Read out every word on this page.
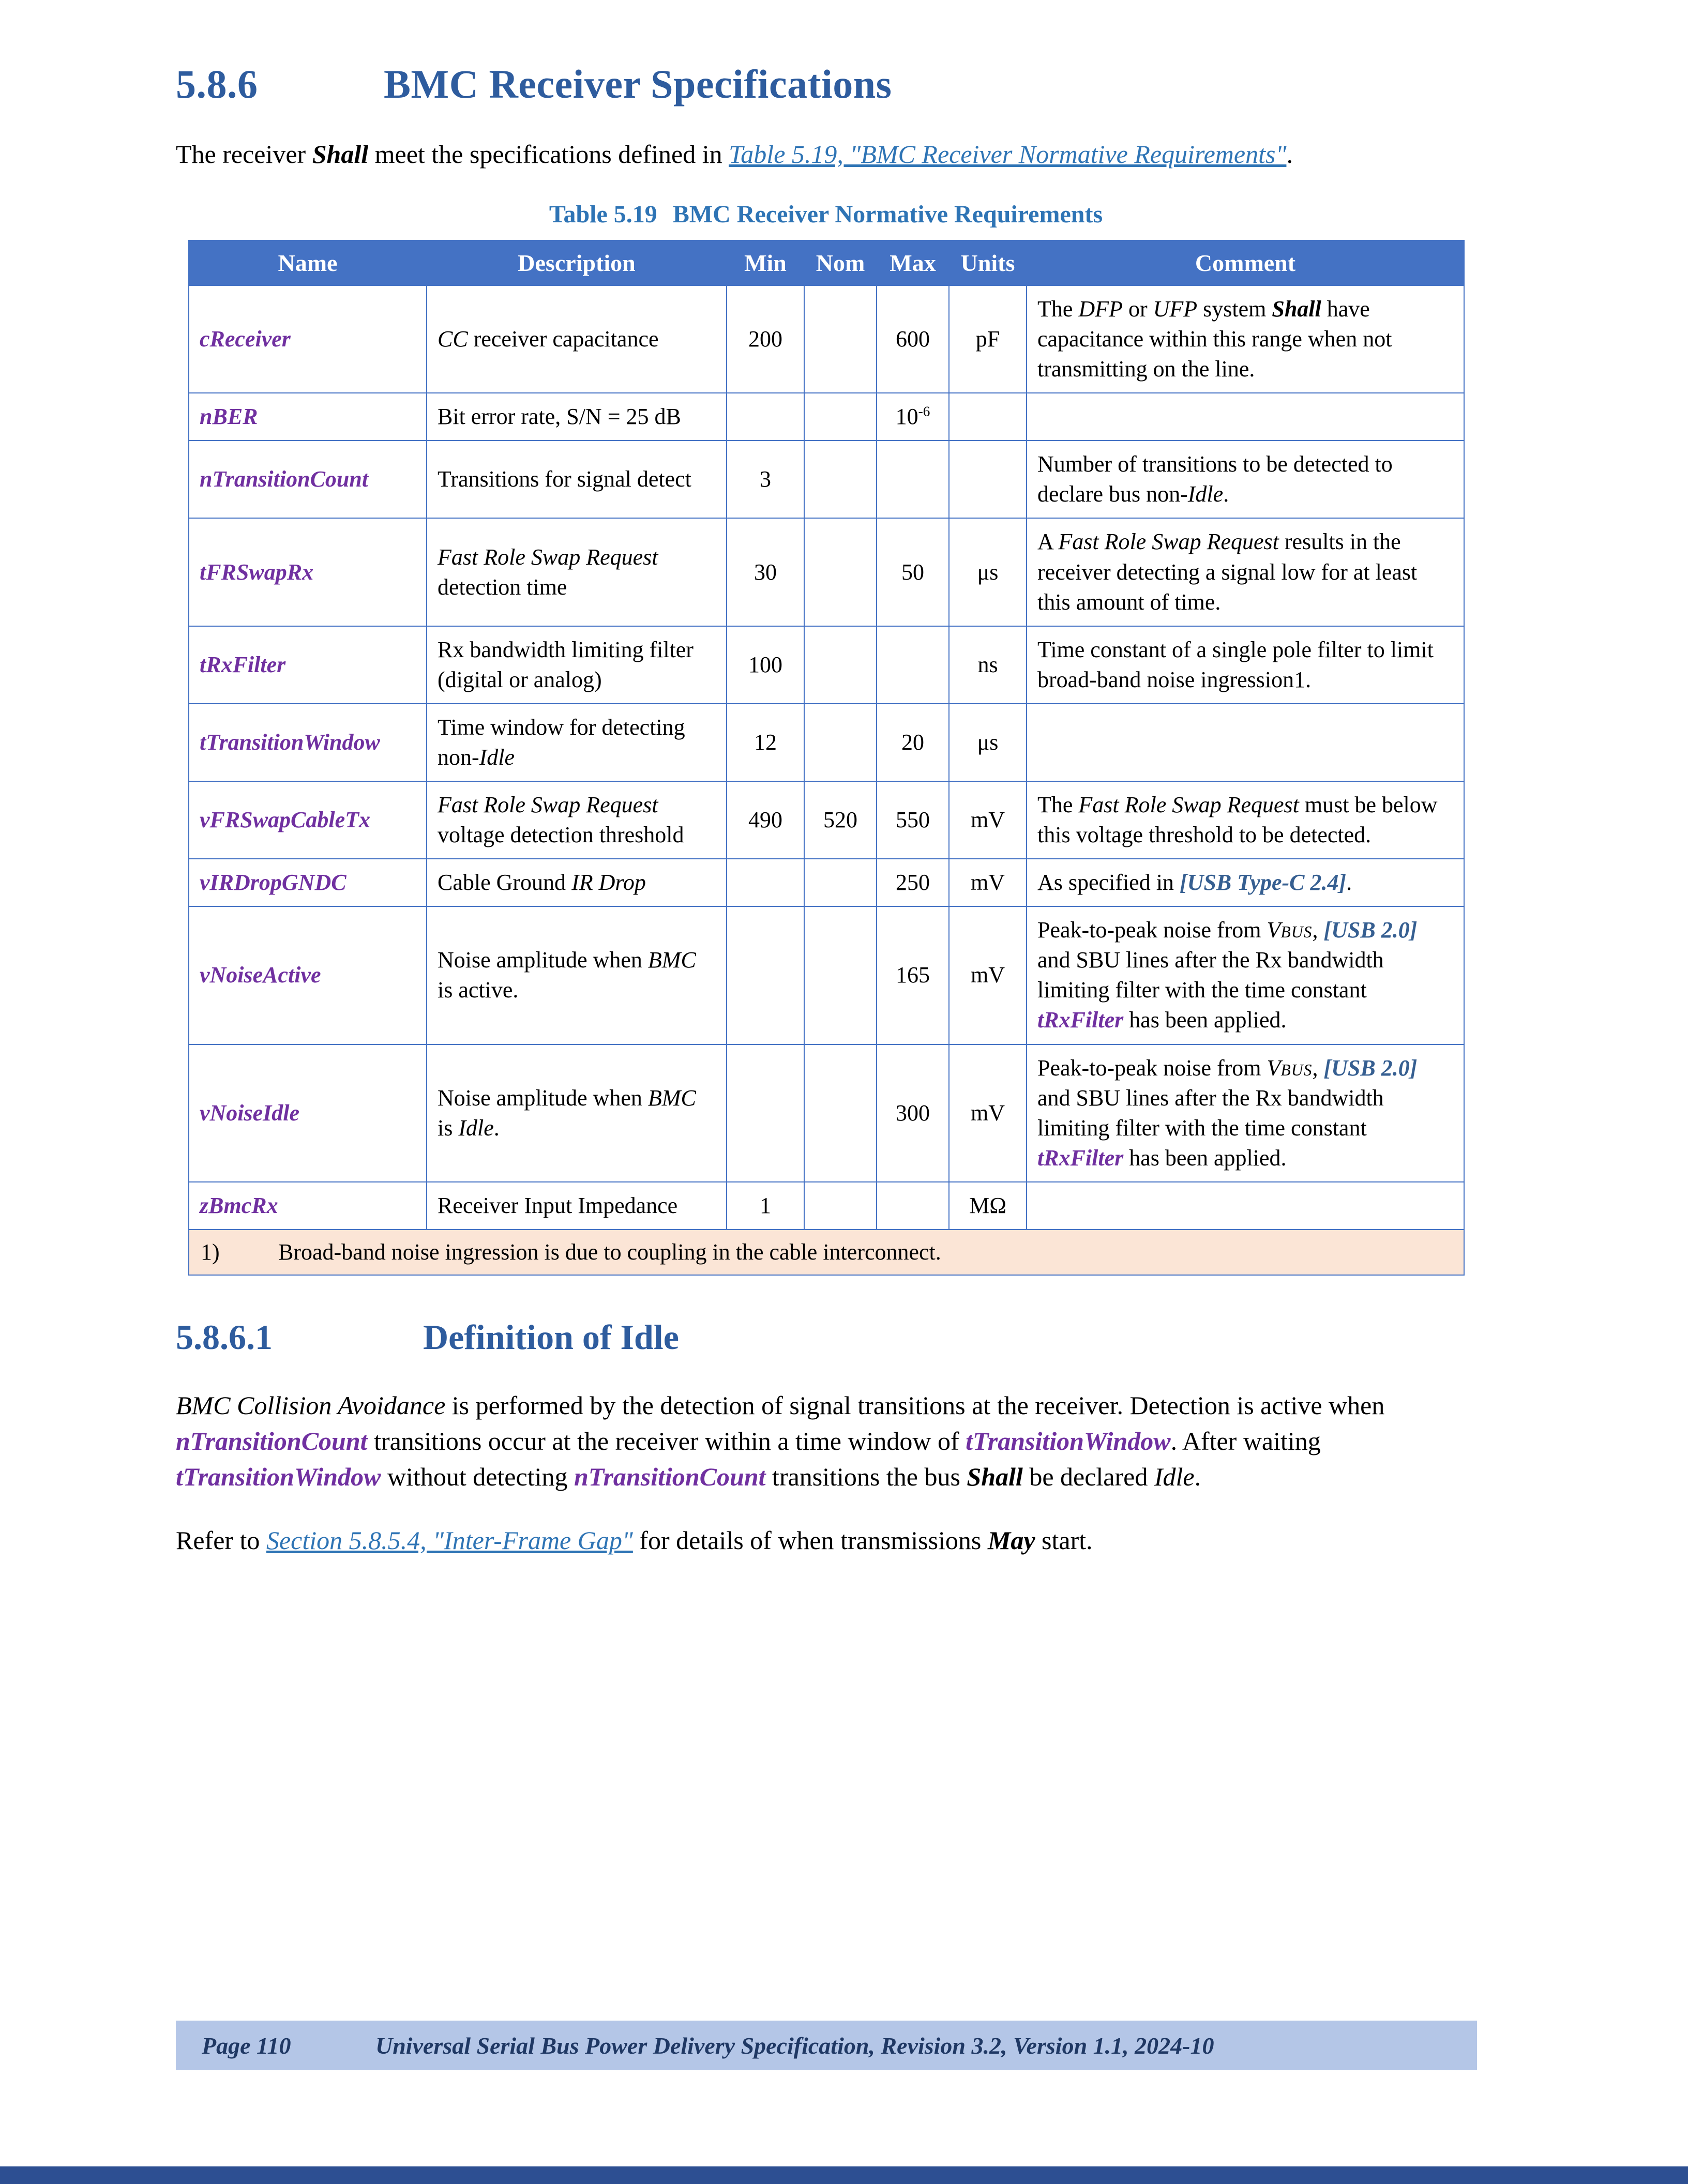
5.8.6	BMC Receiver Specifications

The receiver Shall meet the specifications defined in Table 5.19, "BMC Receiver Normative Requirements".

Table 5.19 BMC Receiver Normative Requirements
Name	Description	Min	Nom	Max	Units	Comment
cReceiver	CC receiver capacitance	200		600	pF	The DFP or UFP system Shall have capacitance within this range when not transmitting on the line.
nBER	Bit error rate, S/N = 25 dB			$10^{-6}$		
nTransitionCount	Transitions for signal detect	3				Number of transitions to be detected to declare bus non-Idle.
tFRSwapRx	Fast Role Swap Request detection time	30		50	μs	A Fast Role Swap Request results in the receiver detecting a signal low for at least this amount of time.
tRxFilter	Rx bandwidth limiting filter (digital or analog)	100			ns	Time constant of a single pole filter to limit broad-band noise ingression1.
tTransitionWindow	Time window for detecting non-Idle	12		20	μs	
vFRSwapCableTx	Fast Role Swap Request voltage detection threshold	490	520	550	mV	The Fast Role Swap Request must be below this voltage threshold to be detected.
vIRDropGNDC	Cable Ground IR Drop			250	mV	As specified in [USB Type-C 2.4].
vNoiseActive	Noise amplitude when BMC is active.			165	mV	Peak-to-peak noise from VBUS, [USB 2.0] and SBU lines after the Rx bandwidth limiting filter with the time constant tRxFilter has been applied.
vNoiseIdle	Noise amplitude when BMC is Idle.			300	mV	Peak-to-peak noise from VBUS, [USB 2.0] and SBU lines after the Rx bandwidth limiting filter with the time constant tRxFilter has been applied.
zBmcRx	Receiver Input Impedance	1			MΩ	
1) Broad-band noise ingression is due to coupling in the cable interconnect.						
5.8.6.1	Definition of Idle

BMC Collision Avoidance is performed by the detection of signal transitions at the receiver. Detection is active when nTransitionCount transitions occur at the receiver within a time window of tTransitionWindow. After waiting tTransitionWindow without detecting nTransitionCount transitions the bus Shall be declared Idle.

Refer to Section 5.8.5.4, "Inter-Frame Gap" for details of when transmissions May start.

Page 110	Universal Serial Bus Power Delivery Specification, Revision 3.2, Version 1.1, 2024-10
